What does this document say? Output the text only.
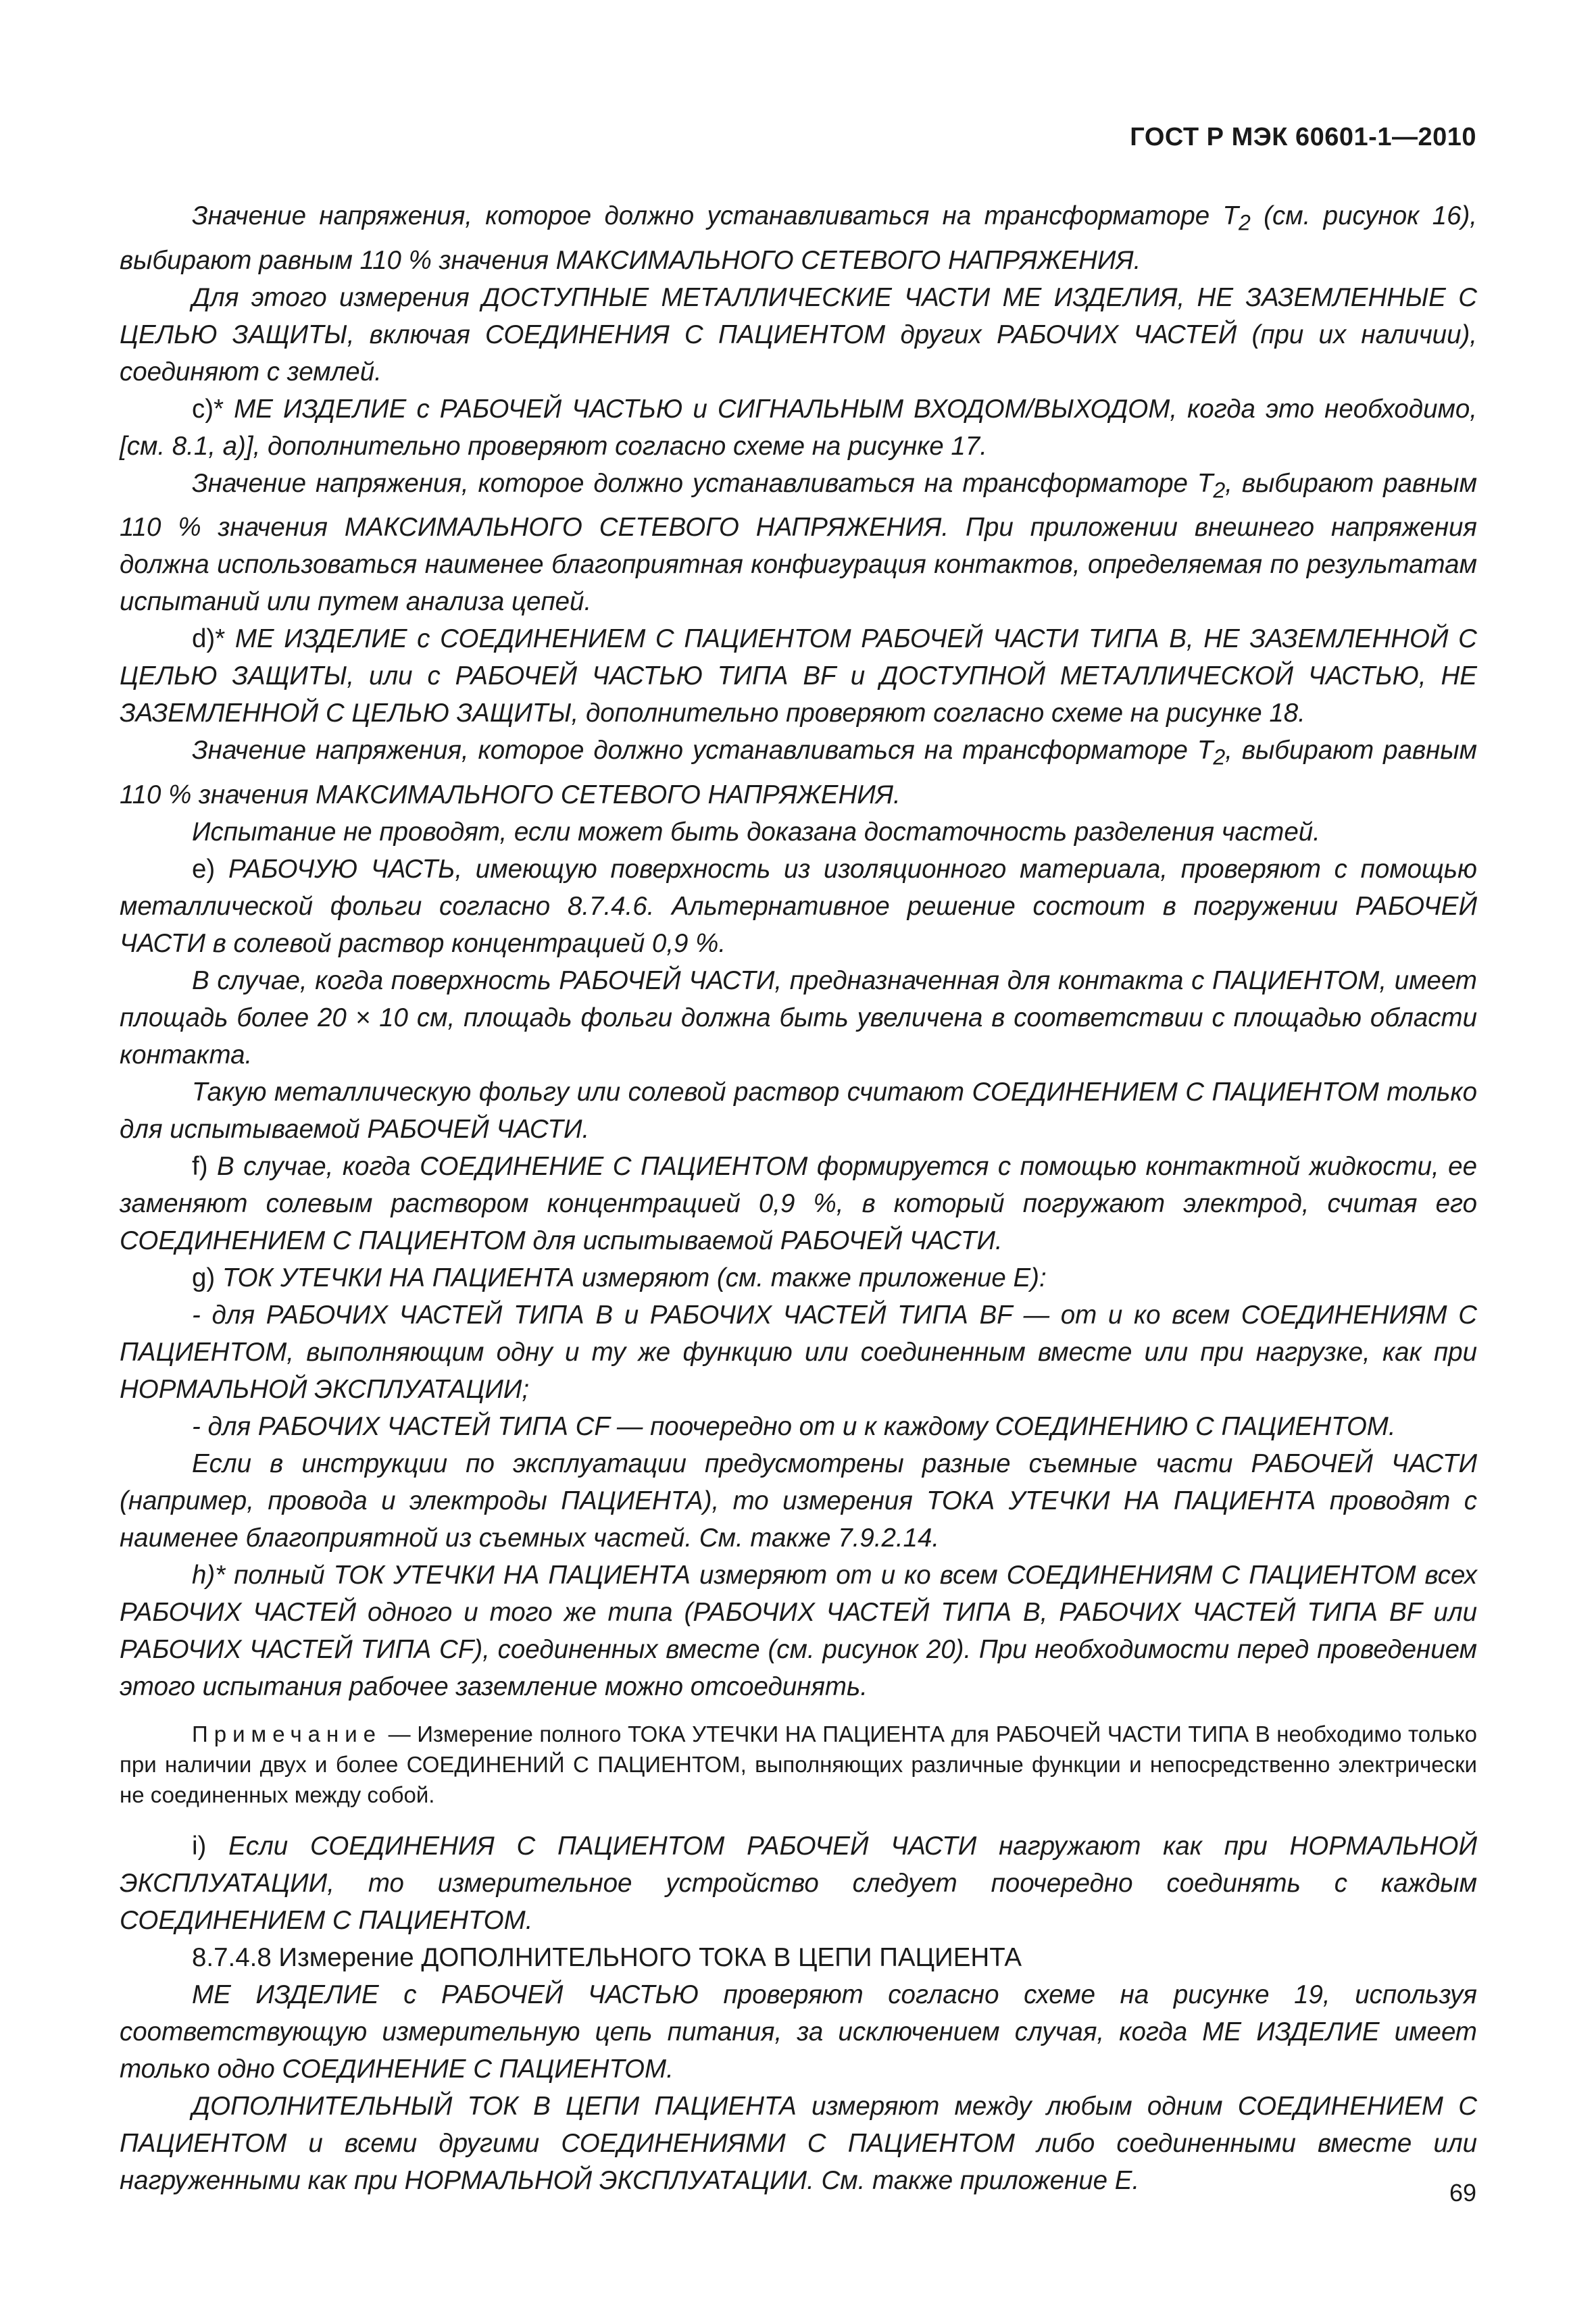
ГОСТ Р МЭК 60601-1—2010

Значение напряжения, которое должно устанавливаться на трансформаторе $T_2$ (см. рисунок 16), выбирают равным 110 % значения МАКСИМАЛЬНОГО СЕТЕВОГО НАПРЯЖЕНИЯ.

Для этого измерения ДОСТУПНЫЕ МЕТАЛЛИЧЕСКИЕ ЧАСТИ МЕ ИЗДЕЛИЯ, НЕ ЗАЗЕМЛЕННЫЕ С ЦЕЛЬЮ ЗАЩИТЫ, включая СОЕДИНЕНИЯ С ПАЦИЕНТОМ других РАБОЧИХ ЧАСТЕЙ (при их наличии), соединяют с землей.

c)* МЕ ИЗДЕЛИЕ с РАБОЧЕЙ ЧАСТЬЮ и СИГНАЛЬНЫМ ВХОДОМ/ВЫХОДОМ, когда это необходимо, [см. 8.1, а)], дополнительно проверяют согласно схеме на рисунке 17.

Значение напряжения, которое должно устанавливаться на трансформаторе $T_2$, выбирают равным 110 % значения МАКСИМАЛЬНОГО СЕТЕВОГО НАПРЯЖЕНИЯ. При приложении внешнего напряжения должна использоваться наименее благоприятная конфигурация контактов, определяемая по результатам испытаний или путем анализа цепей.

d)* МЕ ИЗДЕЛИЕ с СОЕДИНЕНИЕМ С ПАЦИЕНТОМ РАБОЧЕЙ ЧАСТИ ТИПА В, НЕ ЗАЗЕМЛЕННОЙ С ЦЕЛЬЮ ЗАЩИТЫ, или с РАБОЧЕЙ ЧАСТЬЮ ТИПА BF и ДОСТУПНОЙ МЕТАЛЛИЧЕСКОЙ ЧАСТЬЮ, НЕ ЗАЗЕМЛЕННОЙ С ЦЕЛЬЮ ЗАЩИТЫ, дополнительно проверяют согласно схеме на рисунке 18.

Значение напряжения, которое должно устанавливаться на трансформаторе $T_2$, выбирают равным 110 % значения МАКСИМАЛЬНОГО СЕТЕВОГО НАПРЯЖЕНИЯ.

Испытание не проводят, если может быть доказана достаточность разделения частей.

e) РАБОЧУЮ ЧАСТЬ, имеющую поверхность из изоляционного материала, проверяют с помощью металлической фольги согласно 8.7.4.6. Альтернативное решение состоит в погружении РАБОЧЕЙ ЧАСТИ в солевой раствор концентрацией 0,9 %.

В случае, когда поверхность РАБОЧЕЙ ЧАСТИ, предназначенная для контакта с ПАЦИЕНТОМ, имеет площадь более 20 × 10 см, площадь фольги должна быть увеличена в соответствии с площадью области контакта.

Такую металлическую фольгу или солевой раствор считают СОЕДИНЕНИЕМ С ПАЦИЕНТОМ только для испытываемой РАБОЧЕЙ ЧАСТИ.

f) В случае, когда СОЕДИНЕНИЕ С ПАЦИЕНТОМ формируется с помощью контактной жидкости, ее заменяют солевым раствором концентрацией 0,9 %, в который погружают электрод, считая его СОЕДИНЕНИЕМ С ПАЦИЕНТОМ для испытываемой РАБОЧЕЙ ЧАСТИ.

g) ТОК УТЕЧКИ НА ПАЦИЕНТА измеряют (см. также приложение Е):

- для РАБОЧИХ ЧАСТЕЙ ТИПА В и РАБОЧИХ ЧАСТЕЙ ТИПА BF — от и ко всем СОЕДИНЕНИЯМ С ПАЦИЕНТОМ, выполняющим одну и ту же функцию или соединенным вместе или при нагрузке, как при НОРМАЛЬНОЙ ЭКСПЛУАТАЦИИ;

- для РАБОЧИХ ЧАСТЕЙ ТИПА CF — поочередно от и к каждому СОЕДИНЕНИЮ С ПАЦИЕНТОМ.

Если в инструкции по эксплуатации предусмотрены разные съемные части РАБОЧЕЙ ЧАСТИ (например, провода и электроды ПАЦИЕНТА), то измерения ТОКА УТЕЧКИ НА ПАЦИЕНТА проводят с наименее благоприятной из съемных частей. См. также 7.9.2.14.

h)* полный ТОК УТЕЧКИ НА ПАЦИЕНТА измеряют от и ко всем СОЕДИНЕНИЯМ С ПАЦИЕНТОМ всех РАБОЧИХ ЧАСТЕЙ одного и того же типа (РАБОЧИХ ЧАСТЕЙ ТИПА В, РАБОЧИХ ЧАСТЕЙ ТИПА BF или РАБОЧИХ ЧАСТЕЙ ТИПА CF), соединенных вместе (см. рисунок 20). При необходимости перед проведением этого испытания рабочее заземление можно отсоединять.

Примечание — Измерение полного ТОКА УТЕЧКИ НА ПАЦИЕНТА для РАБОЧЕЙ ЧАСТИ ТИПА В необходимо только при наличии двух и более СОЕДИНЕНИЙ С ПАЦИЕНТОМ, выполняющих различные функции и непосредственно электрически не соединенных между собой.

i) Если СОЕДИНЕНИЯ С ПАЦИЕНТОМ РАБОЧЕЙ ЧАСТИ нагружают как при НОРМАЛЬНОЙ ЭКСПЛУАТАЦИИ, то измерительное устройство следует поочередно соединять с каждым СОЕДИНЕНИЕМ С ПАЦИЕНТОМ.

8.7.4.8 Измерение ДОПОЛНИТЕЛЬНОГО ТОКА В ЦЕПИ ПАЦИЕНТА

МЕ ИЗДЕЛИЕ с РАБОЧЕЙ ЧАСТЬЮ проверяют согласно схеме на рисунке 19, используя соответствующую измерительную цепь питания, за исключением случая, когда МЕ ИЗДЕЛИЕ имеет только одно СОЕДИНЕНИЕ С ПАЦИЕНТОМ.

ДОПОЛНИТЕЛЬНЫЙ ТОК В ЦЕПИ ПАЦИЕНТА измеряют между любым одним СОЕДИНЕНИЕМ С ПАЦИЕНТОМ и всеми другими СОЕДИНЕНИЯМИ С ПАЦИЕНТОМ либо соединенными вместе или нагруженными как при НОРМАЛЬНОЙ ЭКСПЛУАТАЦИИ. См. также приложение Е.	69
